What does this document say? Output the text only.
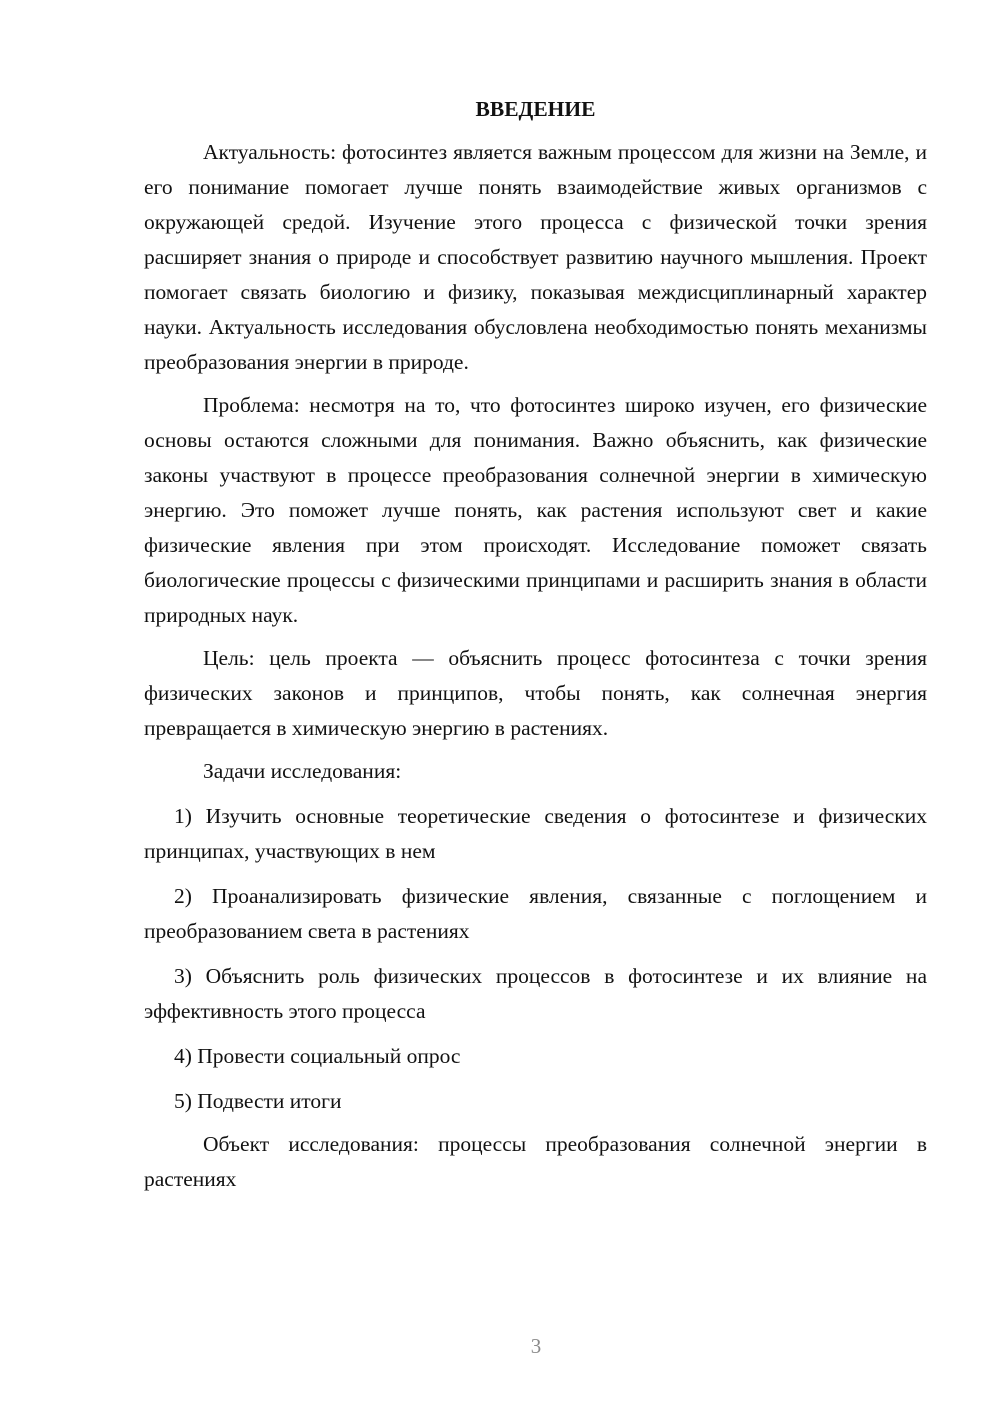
ВВЕДЕНИЕ

Актуальность: фотосинтез является важным процессом для жизни на Земле, и его понимание помогает лучше понять взаимодействие живых организмов с окружающей средой. Изучение этого процесса с физической точки зрения расширяет знания о природе и способствует развитию научного мышления. Проект помогает связать биологию и физику, показывая междисциплинарный характер науки. Актуальность исследования обусловлена необходимостью понять механизмы преобразования энергии в природе.

Проблема: несмотря на то, что фотосинтез широко изучен, его физические основы остаются сложными для понимания. Важно объяснить, как физические законы участвуют в процессе преобразования солнечной энергии в химическую энергию. Это поможет лучше понять, как растения используют свет и какие физические явления при этом происходят. Исследование поможет связать биологические процессы с физическими принципами и расширить знания в области природных наук.

Цель: цель проекта — объяснить процесс фотосинтеза с точки зрения физических законов и принципов, чтобы понять, как солнечная энергия превращается в химическую энергию в растениях.

Задачи исследования:

1) Изучить основные теоретические сведения о фотосинтезе и физических принципах, участвующих в нем

2) Проанализировать физические явления, связанные с поглощением и преобразованием света в растениях

3) Объяснить роль физических процессов в фотосинтезе и их влияние на эффективность этого процесса

4) Провести социальный опрос

5) Подвести итоги

Объект исследования: процессы преобразования солнечной энергии в растениях

3
